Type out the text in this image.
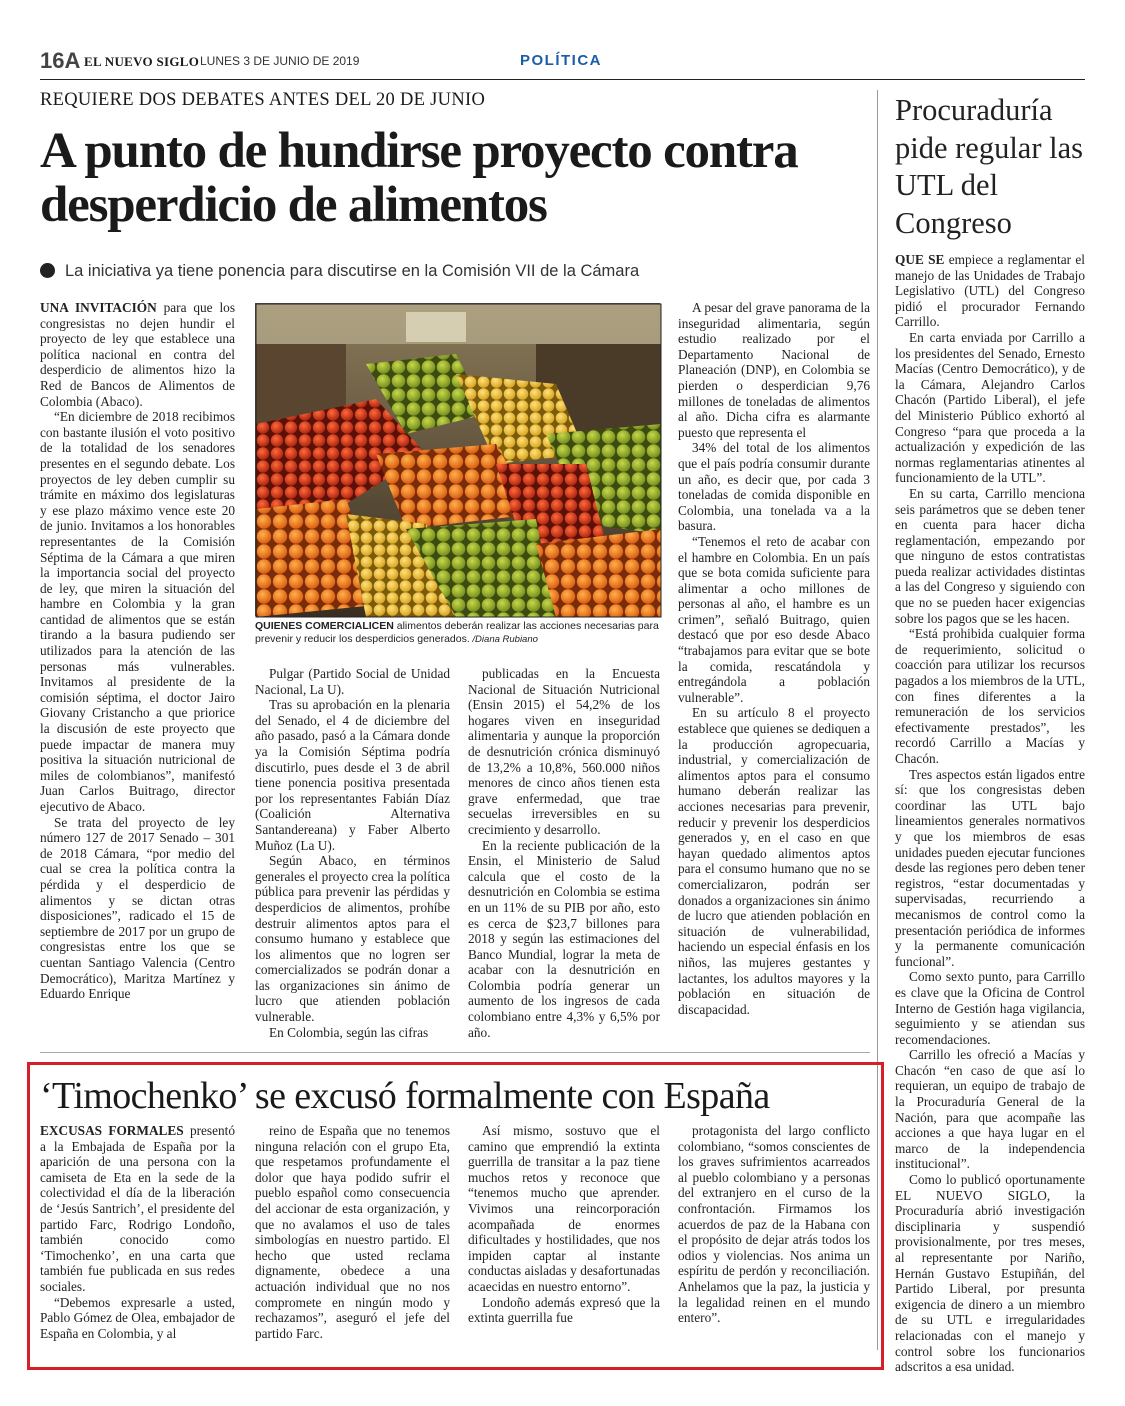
16A EL NUEVO SIGLO LUNES 3 DE JUNIO DE 2019	POLÍTICA
REQUIERE DOS DEBATES ANTES DEL 20 DE JUNIO
A punto de hundirse proyecto contra desperdicio de alimentos
La iniciativa ya tiene ponencia para discutirse en la Comisión VII de la Cámara

UNA INVITACIÓN para que los congresistas no dejen hundir el proyecto de ley que establece una política nacional en contra del desperdicio de alimentos hizo la Red de Bancos de Alimentos de Colombia (Abaco).

“En diciembre de 2018 recibimos con bastante ilusión el voto positivo de la totalidad de los senadores presentes en el segundo debate. Los proyectos de ley deben cumplir su trámite en máximo dos legislaturas y ese plazo máximo vence este 20 de junio. Invitamos a los honorables representantes de la Comisión Séptima de la Cámara a que miren la importancia social del proyecto de ley, que miren la situación del hambre en Colombia y la gran cantidad de alimentos que se están tirando a la basura pudiendo ser utilizados para la atención de las personas más vulnerables. Invitamos al presidente de la comisión séptima, el doctor Jairo Giovany Cristancho a que priorice la discusión de este proyecto que puede impactar de manera muy positiva la situación nutricional de miles de colombianos”, manifestó Juan Carlos Buitrago, director ejecutivo de Abaco.

Se trata del proyecto de ley número 127 de 2017 Senado – 301 de 2018 Cámara, “por medio del cual se crea la política contra la pérdida y el desperdicio de alimentos y se dictan otras disposiciones”, radicado el 15 de septiembre de 2017 por un grupo de congresistas entre los que se cuentan Santiago Valencia (Centro Democrático), Maritza Martínez y Eduardo Enrique

QUIENES COMERCIALICEN alimentos deberán realizar las acciones necesarias para prevenir y reducir los desperdicios generados. /Diana Rubiano

Pulgar (Partido Social de Unidad Nacional, La U).

Tras su aprobación en la plenaria del Senado, el 4 de diciembre del año pasado, pasó a la Cámara donde ya la Comisión Séptima podría discutirlo, pues desde el 3 de abril tiene ponencia positiva presentada por los representantes Fabián Díaz (Coalición Alternativa Santandereana) y Faber Alberto Muñoz (La U).

Según Abaco, en términos generales el proyecto crea la política pública para prevenir las pérdidas y desperdicios de alimentos, prohíbe destruir alimentos aptos para el consumo humano y establece que los alimentos que no logren ser comercializados se podrán donar a las organizaciones sin ánimo de lucro que atienden población vulnerable.

En Colombia, según las cifras

publicadas en la Encuesta Nacional de Situación Nutricional (Ensin 2015) el 54,2% de los hogares viven en inseguridad alimentaria y aunque la proporción de desnutrición crónica disminuyó de 13,2% a 10,8%, 560.000 niños menores de cinco años tienen esta grave enfermedad, que trae secuelas irreversibles en su crecimiento y desarrollo.

En la reciente publicación de la Ensin, el Ministerio de Salud calcula que el costo de la desnutrición en Colombia se estima en un 11% de su PIB por año, esto es cerca de $23,7 billones para 2018 y según las estimaciones del Banco Mundial, lograr la meta de acabar con la desnutrición en Colombia podría generar un aumento de los ingresos de cada colombiano entre 4,3% y 6,5% por año.

A pesar del grave panorama de la inseguridad alimentaria, según estudio realizado por el Departamento Nacional de Planeación (DNP), en Colombia se pierden o desperdician 9,76 millones de toneladas de alimentos al año. Dicha cifra es alarmante puesto que representa el

34% del total de los alimentos que el país podría consumir durante un año, es decir que, por cada 3 toneladas de comida disponible en Colombia, una tonelada va a la basura.

“Tenemos el reto de acabar con el hambre en Colombia. En un país que se bota comida suficiente para alimentar a ocho millones de personas al año, el hambre es un crimen”, señaló Buitrago, quien destacó que por eso desde Abaco “trabajamos para evitar que se bote la comida, rescatándola y entregándola a población vulnerable”.

En su artículo 8 el proyecto establece que quienes se dediquen a la producción agropecuaria, industrial, y comercialización de alimentos aptos para el consumo humano deberán realizar las acciones necesarias para prevenir, reducir y prevenir los desperdicios generados y, en el caso en que hayan quedado alimentos aptos para el consumo humano que no se comercializaron, podrán ser donados a organizaciones sin ánimo de lucro que atienden población en situación de vulnerabilidad, haciendo un especial énfasis en los niños, las mujeres gestantes y lactantes, los adultos mayores y la población en situación de discapacidad.

Procuraduría pide regular las UTL del Congreso

QUE SE empiece a reglamentar el manejo de las Unidades de Trabajo Legislativo (UTL) del Congreso pidió el procurador Fernando Carrillo.

En carta enviada por Carrillo a los presidentes del Senado, Ernesto Macías (Centro Democrático), y de la Cámara, Alejandro Carlos Chacón (Partido Liberal), el jefe del Ministerio Público exhortó al Congreso “para que proceda a la actualización y expedición de las normas reglamentarias atinentes al funcionamiento de la UTL”.

En su carta, Carrillo menciona seis parámetros que se deben tener en cuenta para hacer dicha reglamentación, empezando por que ninguno de estos contratistas pueda realizar actividades distintas a las del Congreso y siguiendo con que no se pueden hacer exigencias sobre los pagos que se les hacen.

“Está prohibida cualquier forma de requerimiento, solicitud o coacción para utilizar los recursos pagados a los miembros de la UTL, con fines diferentes a la remuneración de los servicios efectivamente prestados”, les recordó Carrillo a Macías y Chacón.

Tres aspectos están ligados entre sí: que los congresistas deben coordinar las UTL bajo lineamientos generales normativos y que los miembros de esas unidades pueden ejecutar funciones desde las regiones pero deben tener registros, “estar documentadas y supervisadas, recurriendo a mecanismos de control como la presentación periódica de informes y la permanente comunicación funcional”.

Como sexto punto, para Carrillo es clave que la Oficina de Control Interno de Gestión haga vigilancia, seguimiento y se atiendan sus recomendaciones.

Carrillo les ofreció a Macías y Chacón “en caso de que así lo requieran, un equipo de trabajo de la Procuraduría General de la Nación, para que acompañe las acciones a que haya lugar en el marco de la independencia institucional”.

Como lo publicó oportunamente EL NUEVO SIGLO, la Procuraduría abrió investigación disciplinaria y suspendió provisionalmente, por tres meses, al representante por Nariño, Hernán Gustavo Estupiñán, del Partido Liberal, por presunta exigencia de dinero a un miembro de su UTL e irregularidades relacionadas con el manejo y control sobre los funcionarios adscritos a esa unidad.

‘Timochenko’ se excusó formalmente con España

EXCUSAS FORMALES presentó a la Embajada de España por la aparición de una persona con la camiseta de Eta en la sede de la colectividad el día de la liberación de ‘Jesús Santrich’, el presidente del partido Farc, Rodrigo Londoño, también conocido como ‘Timochenko’, en una carta que también fue publicada en sus redes sociales.

“Debemos expresarle a usted, Pablo Gómez de Olea, embajador de España en Colombia, y al

reino de España que no tenemos ninguna relación con el grupo Eta, que respetamos profundamente el dolor que haya podido sufrir el pueblo español como consecuencia del accionar de esta organización, y que no avalamos el uso de tales simbologías en nuestro partido. El hecho que usted reclama dignamente, obedece a una actuación individual que no nos compromete en ningún modo y rechazamos”, aseguró el jefe del partido Farc.

Así mismo, sostuvo que el camino que emprendió la extinta guerrilla de transitar a la paz tiene muchos retos y reconoce que “tenemos mucho que aprender. Vivimos una reincorporación acompañada de enormes dificultades y hostilidades, que nos impiden captar al instante conductas aisladas y desafortunadas acaecidas en nuestro entorno”.

Londoño además expresó que la extinta guerrilla fue

protagonista del largo conflicto colombiano, “somos conscientes de los graves sufrimientos acarreados al pueblo colombiano y a personas del extranjero en el curso de la confrontación. Firmamos los acuerdos de paz de la Habana con el propósito de dejar atrás todos los odios y violencias. Nos anima un espíritu de perdón y reconciliación. Anhelamos que la paz, la justicia y la legalidad reinen en el mundo entero”.
